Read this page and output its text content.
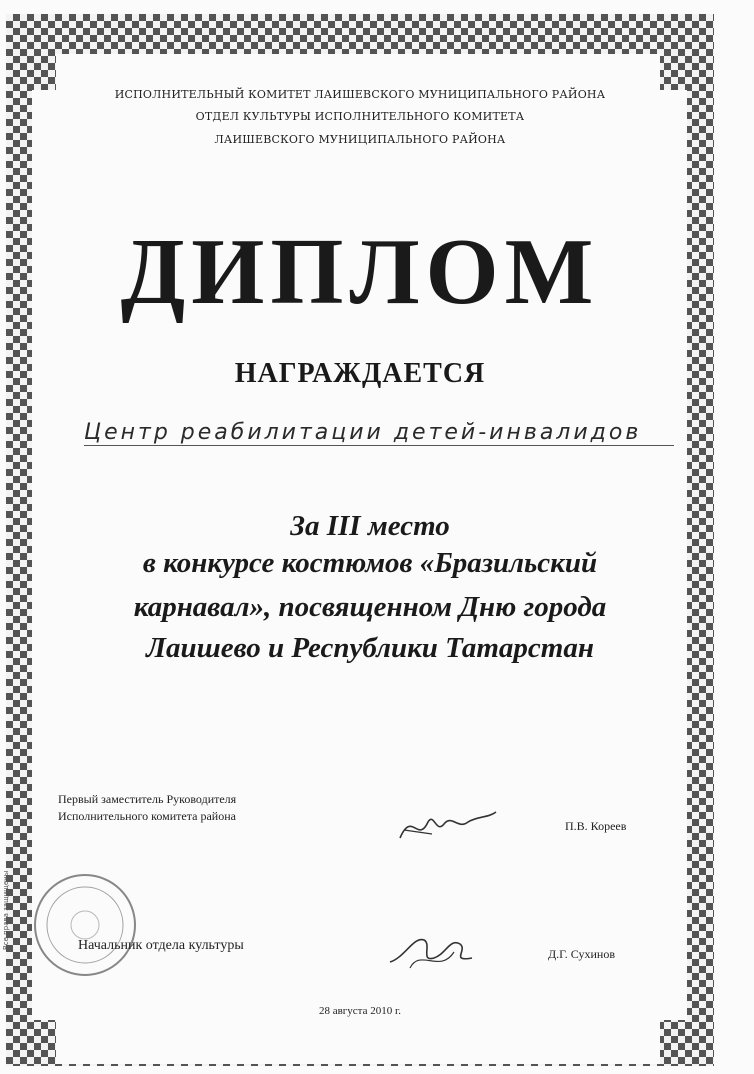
ИСПОЛНИТЕЛЬНЫЙ КОМИТЕТ ЛАИШЕВСКОГО МУНИЦИПАЛЬНОГО РАЙОНА
ОТДЕЛ КУЛЬТУРЫ ИСПОЛНИТЕЛЬНОГО КОМИТЕТА
ЛАИШЕВСКОГО МУНИЦИПАЛЬНОГО РАЙОНА
ДИПЛОМ
НАГРАЖДАЕТСЯ
Центр реабилитации детей-инвалидов
За III место
в конкурсе костюмов «Бразильский
карнавал», посвященном Дню города
Лаишево и Республики Татарстан
Первый заместитель Руководителя
Исполнительного комитета района
П.В. Кореев
Начальник отдела культуры
Д.Г. Сухинов
28 августа 2010 г.
Все права защищены
